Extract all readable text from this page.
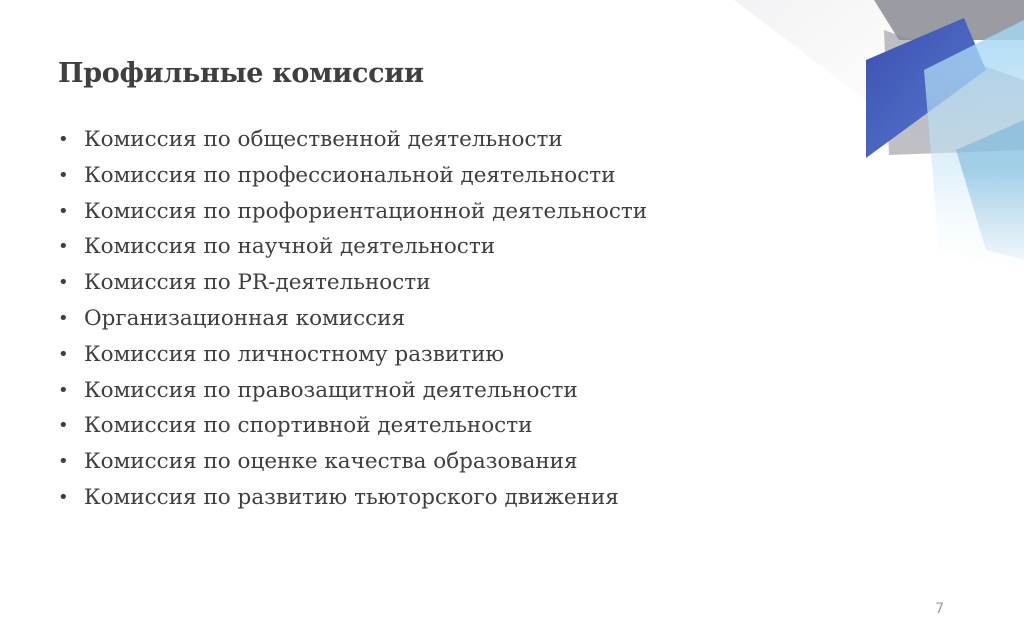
Профильные комиссии
• Комиссия по общественной деятельности
• Комиссия по профессиональной деятельности
• Комиссия по профориентационной деятельности
• Комиссия по научной деятельности
• Комиссия по PR-деятельности
• Организационная комиссия
• Комиссия по личностному развитию
• Комиссия по правозащитной деятельности
• Комиссия по спортивной деятельности
• Комиссия по оценке качества образования
• Комиссия по развитию тьюторского движения
7
